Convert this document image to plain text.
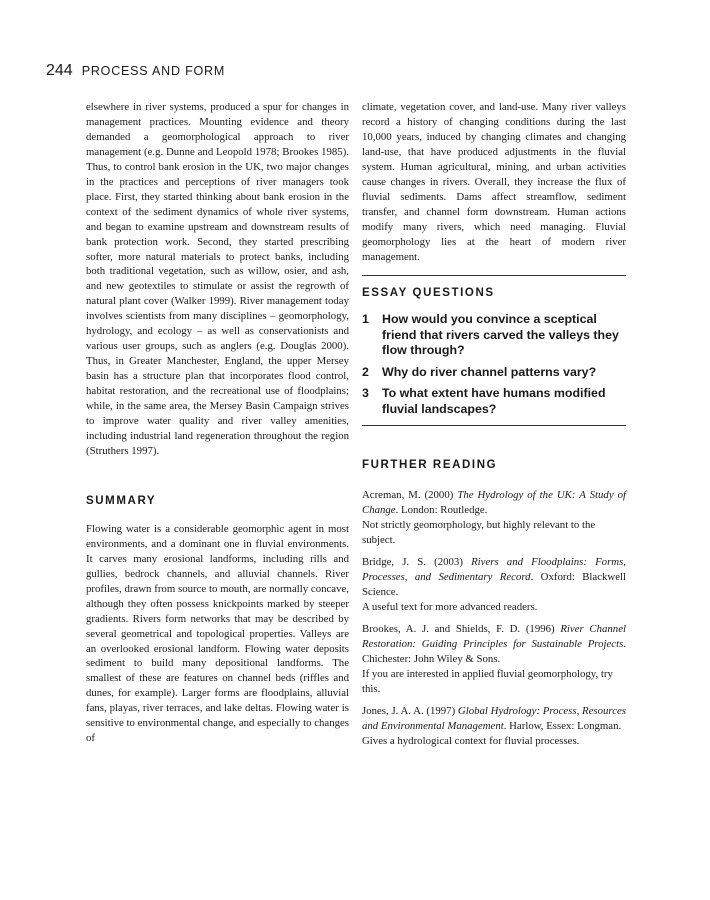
244 PROCESS AND FORM

elsewhere in river systems, produced a spur for changes in management practices. Mounting evidence and theory demanded a geomorphological approach to river management (e.g. Dunne and Leopold 1978; Brookes 1985). Thus, to control bank erosion in the UK, two major changes in the practices and perceptions of river managers took place. First, they started thinking about bank erosion in the context of the sediment dynamics of whole river systems, and began to examine upstream and downstream results of bank protection work. Second, they started prescribing softer, more natural materials to protect banks, including both traditional vegetation, such as willow, osier, and ash, and new geotextiles to stimulate or assist the regrowth of natural plant cover (Walker 1999). River management today involves scientists from many disciplines – geomorphology, hydrology, and ecology – as well as conservationists and various user groups, such as anglers (e.g. Douglas 2000). Thus, in Greater Manchester, England, the upper Mersey basin has a structure plan that incorporates flood control, habitat restoration, and the recreational use of floodplains; while, in the same area, the Mersey Basin Campaign strives to improve water quality and river valley amenities, including industrial land regeneration throughout the region (Struthers 1997).

SUMMARY

Flowing water is a considerable geomorphic agent in most environments, and a dominant one in fluvial environments. It carves many erosional landforms, including rills and gullies, bedrock channels, and alluvial channels. River profiles, drawn from source to mouth, are normally concave, although they often possess knickpoints marked by steeper gradients. Rivers form networks that may be described by several geometrical and topological properties. Valleys are an overlooked erosional landform. Flowing water deposits sediment to build many depositional landforms. The smallest of these are features on channel beds (riffles and dunes, for example). Larger forms are floodplains, alluvial fans, playas, river terraces, and lake deltas. Flowing water is sensitive to environmental change, and especially to changes of

climate, vegetation cover, and land-use. Many river valleys record a history of changing conditions during the last 10,000 years, induced by changing climates and changing land-use, that have produced adjustments in the fluvial system. Human agricultural, mining, and urban activities cause changes in rivers. Overall, they increase the flux of fluvial sediments. Dams affect streamflow, sediment transfer, and channel form downstream. Human actions modify many rivers, which need managing. Fluvial geomorphology lies at the heart of modern river management.

ESSAY QUESTIONS
1	How would you convince a sceptical friend that rivers carved the valleys they flow through?
2	Why do river channel patterns vary?
3	To what extent have humans modified fluvial landscapes?
FURTHER READING

Acreman, M. (2000) The Hydrology of the UK: A Study of Change. London: Routledge.

Not strictly geomorphology, but highly relevant to the subject.

Bridge, J. S. (2003) Rivers and Floodplains: Forms, Processes, and Sedimentary Record. Oxford: Blackwell Science.

A useful text for more advanced readers.

Brookes, A. J. and Shields, F. D. (1996) River Channel Restoration: Guiding Principles for Sustainable Projects. Chichester: John Wiley & Sons.

If you are interested in applied fluvial geomorphology, try this.

Jones, J. A. A. (1997) Global Hydrology: Process, Resources and Environmental Management. Harlow, Essex: Longman.

Gives a hydrological context for fluvial processes.
